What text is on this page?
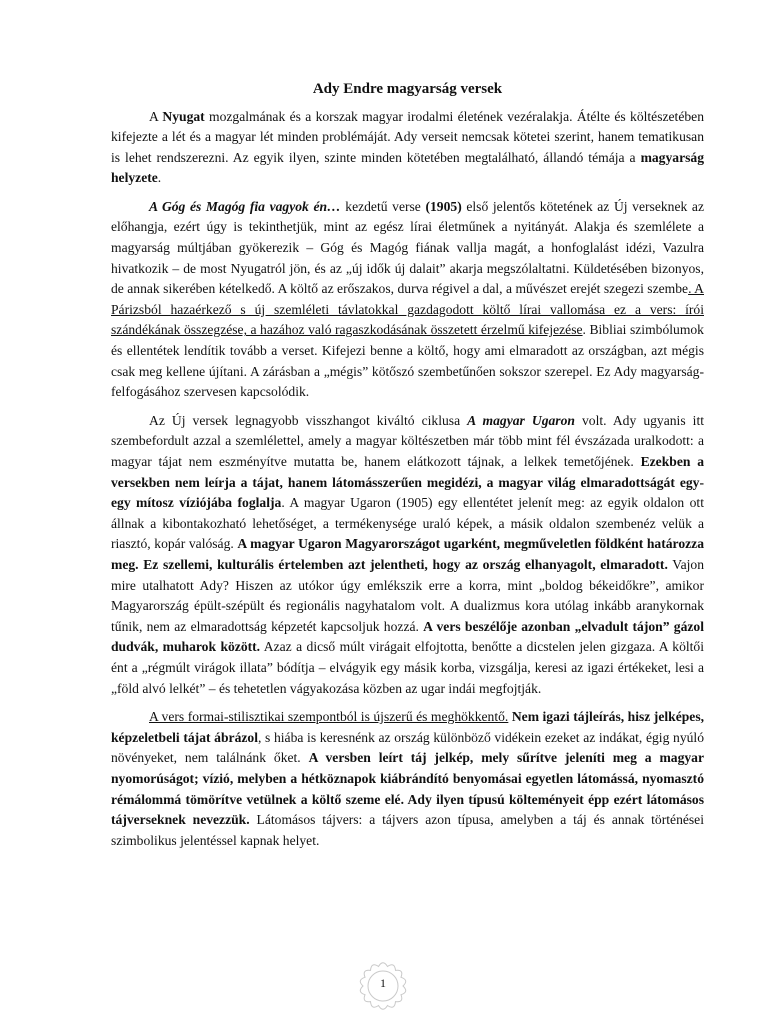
Ady Endre magyarság versek

A Nyugat mozgalmának és a korszak magyar irodalmi életének vezéralakja. Átélte és költészetében kifejezte a lét és a magyar lét minden problémáját. Ady verseit nemcsak kötetei szerint, hanem tematikusan is lehet rendszerezni. Az egyik ilyen, szinte minden kötetében megtalálható, állandó témája a magyarság helyzete.

A Góg és Magóg fia vagyok én… kezdetű verse (1905) első jelentős kötetének az Új verseknek az előhangja, ezért úgy is tekinthetjük, mint az egész lírai életműnek a nyitányát. Alakja és szemlélete a magyarság múltjában gyökerezik – Góg és Magóg fiának vallja magát, a honfoglalást idézi, Vazulra hivatkozik – de most Nyugatról jön, és az „új idők új dalait” akarja megszólaltatni. Küldetésében bizonyos, de annak sikerében kételkedő. A költő az erőszakos, durva régivel a dal, a művészet erejét szegezi szembe. A Párizsból hazaérkező s új szemléleti távlatokkal gazdagodott költő lírai vallomása ez a vers: írói szándékának összegzése, a hazához való ragaszkodásának összetett érzelmű kifejezése. Bibliai szimbólumok és ellentétek lendítik tovább a verset. Kifejezi benne a költő, hogy ami elmaradott az országban, azt mégis csak meg kellene újítani. A zárásban a „mégis” kötőszó szembetűnően sokszor szerepel. Ez Ady magyarság-felfogásához szervesen kapcsolódik.

Az Új versek legnagyobb visszhangot kiváltó ciklusa A magyar Ugaron volt. Ady ugyanis itt szembefordult azzal a szemlélettel, amely a magyar költészetben már több mint fél évszázada uralkodott: a magyar tájat nem eszményítve mutatta be, hanem elátkozott tájnak, a lelkek temetőjének. Ezekben a versekben nem leírja a tájat, hanem látomásszerűen megidézi, a magyar világ elmaradottságát egy-egy mítosz víziójába foglalja. A magyar Ugaron (1905) egy ellentétet jelenít meg: az egyik oldalon ott állnak a kibontakozható lehetőséget, a termékenysége uraló képek, a másik oldalon szembenéz velük a riasztó, kopár valóság. A magyar Ugaron Magyarországot ugarként, megműveletlen földként határozza meg. Ez szellemi, kulturális értelemben azt jelentheti, hogy az ország elhanyagolt, elmaradott. Vajon mire utalhatott Ady? Hiszen az utókor úgy emlékszik erre a korra, mint „boldog békeidőkre”, amikor Magyarország épült-szépült és regionális nagyhatalom volt. A dualizmus kora utólag inkább aranykornak tűnik, nem az elmaradottság képzetét kapcsoljuk hozzá. A vers beszélője azonban „elvadult tájon” gázol dudvák, muharok között. Azaz a dicső múlt virágait elfojtotta, benőtte a dicstelen jelen gizgaza. A költői ént a „régmúlt virágok illata” bódítja – elvágyik egy másik korba, vizsgálja, keresi az igazi értékeket, lesi a „föld alvó lelkét” – és tehetetlen vágyakozása közben az ugar indái megfojtják.

A vers formai-stilisztikai szempontból is újszerű és meghökkentő. Nem igazi tájleírás, hisz jelképes, képzeletbeli tájat ábrázol, s hiába is keresnénk az ország különböző vidékein ezeket az indákat, égig nyúló növényeket, nem találnánk őket. A versben leírt táj jelkép, mely sűrítve jeleníti meg a magyar nyomorúságot; vízió, melyben a hétköznapok kiábrándító benyomásai egyetlen látomássá, nyomasztó rémálommá tömörítve vetülnek a költő szeme elé. Ady ilyen típusú költeményeit épp ezért látomásos tájverseknek nevezzük. Látomásos tájvers: a tájvers azon típusa, amelyben a táj és annak történései szimbolikus jelentéssel kapnak helyet.

1
